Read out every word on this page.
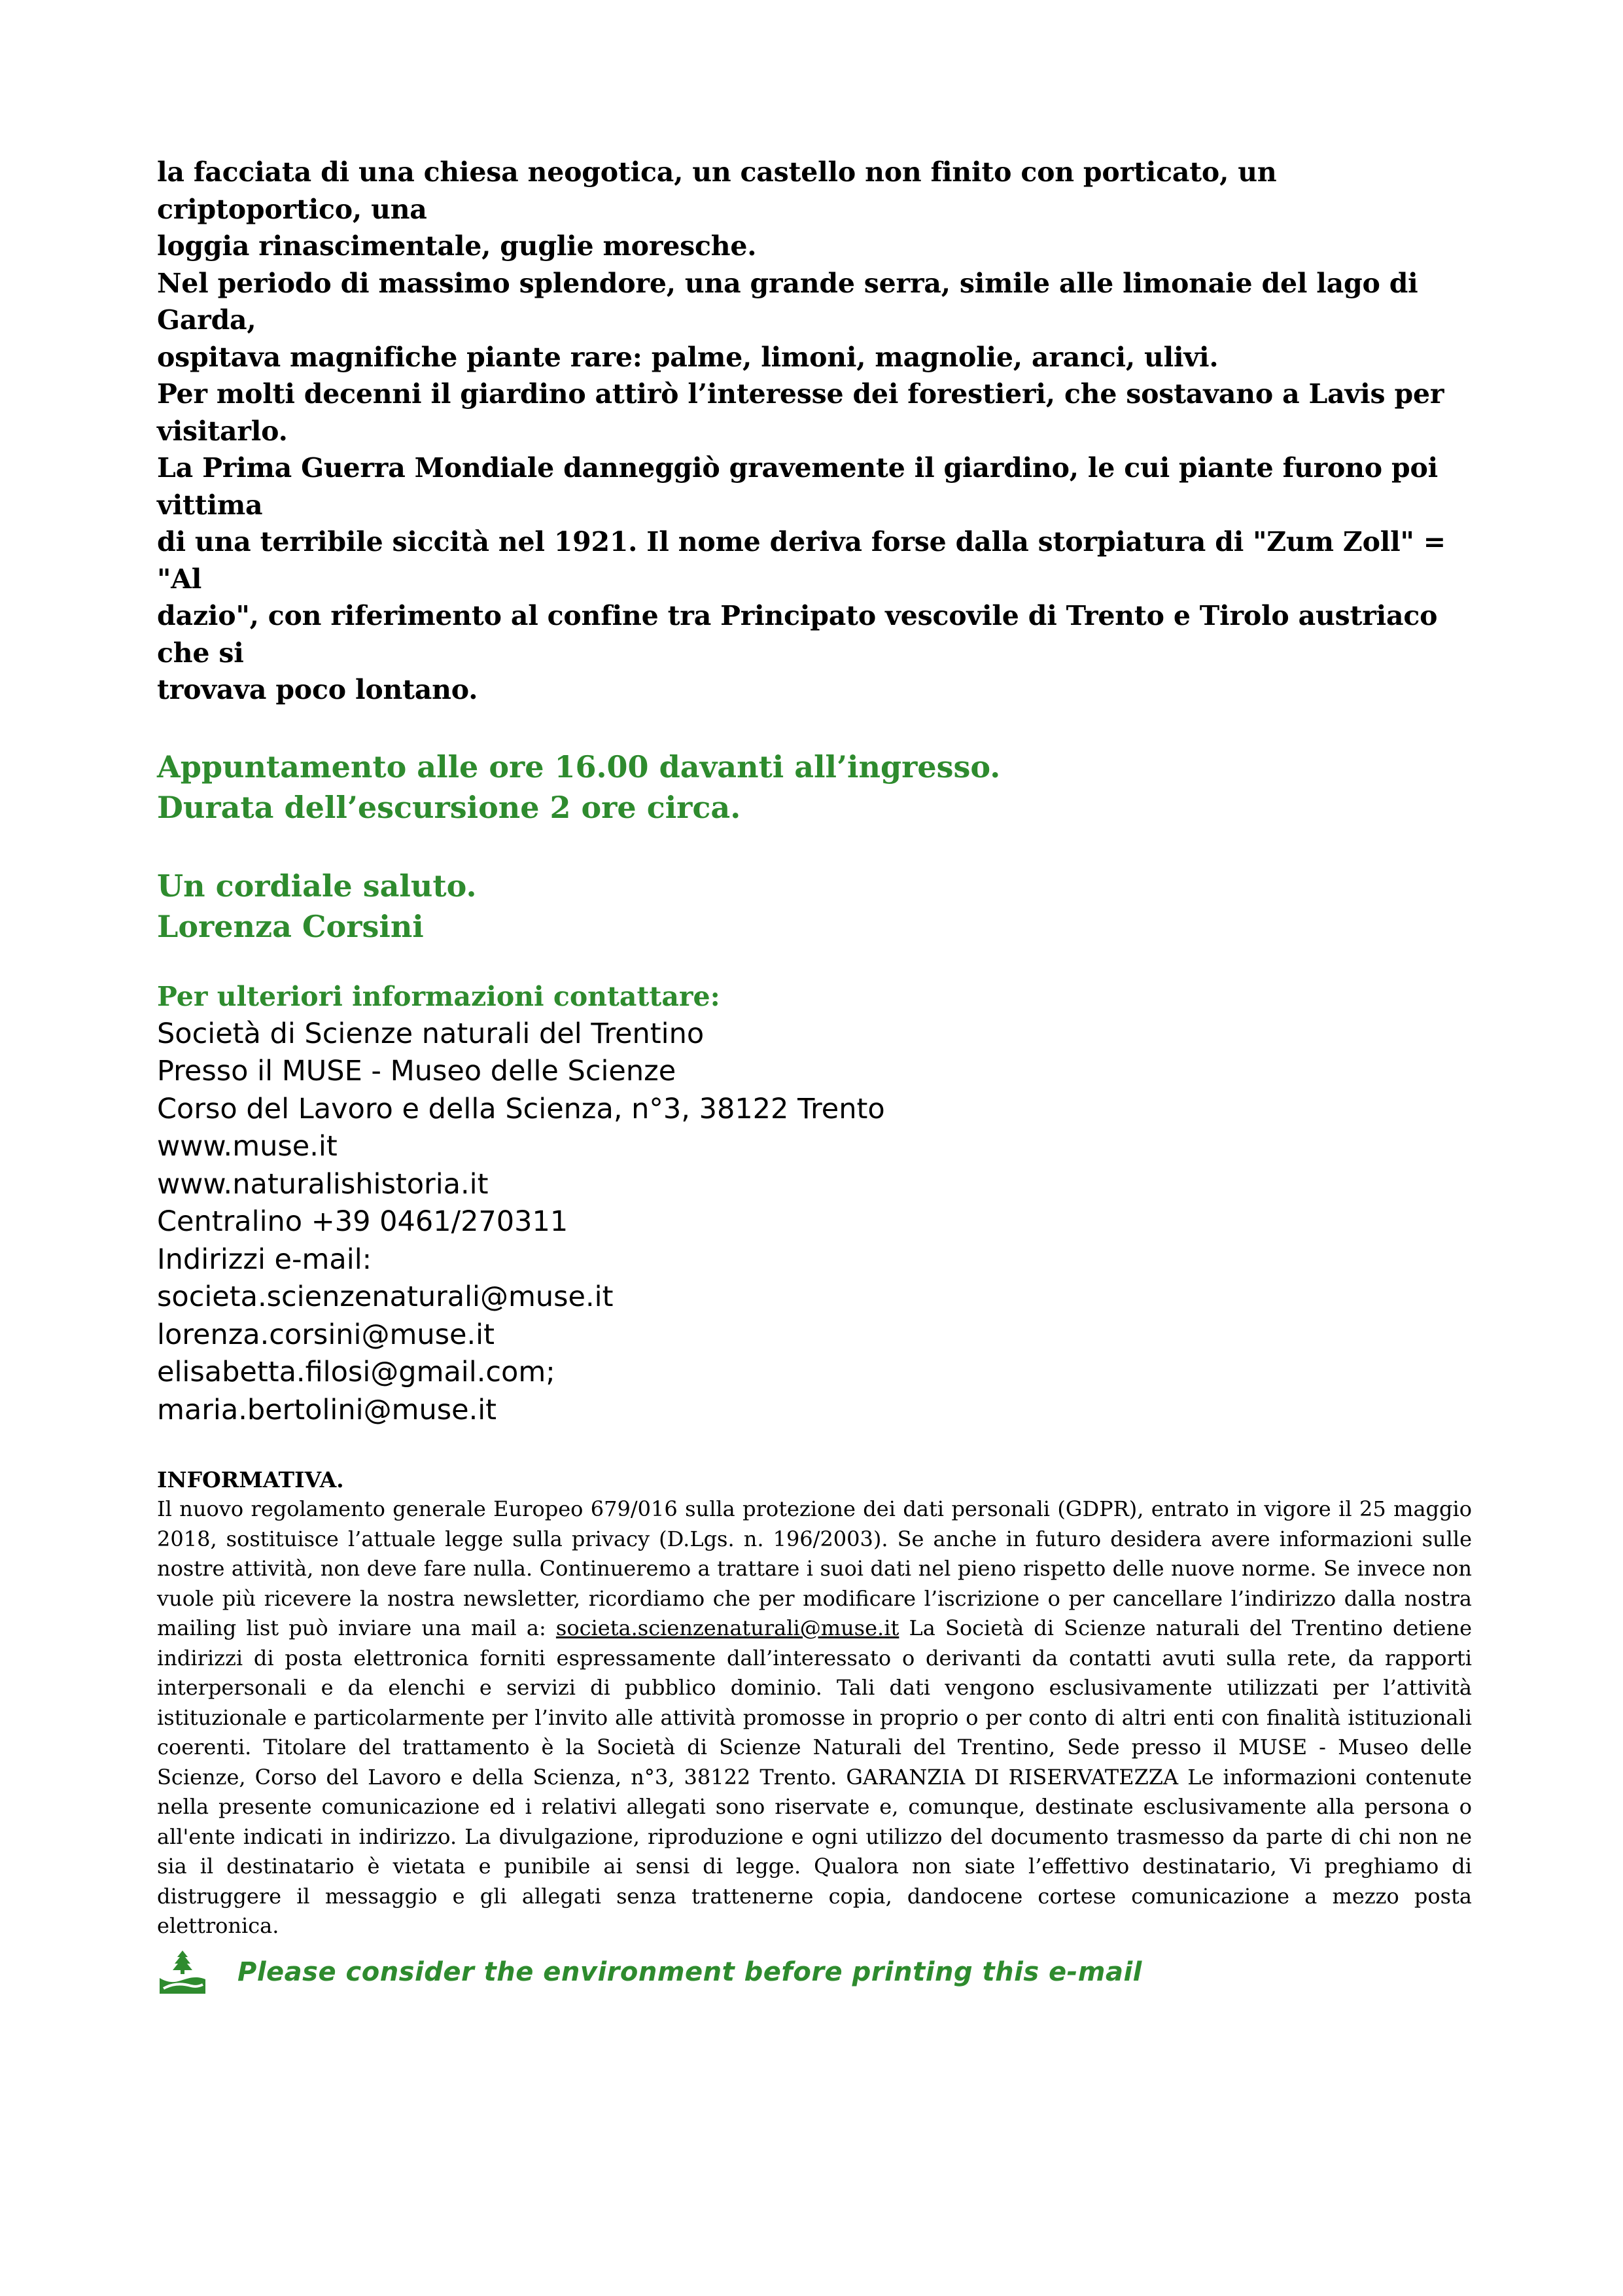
la facciata di una chiesa neogotica, un castello non finito con porticato, un criptoportico, una

loggia rinascimentale, guglie moresche.

Nel periodo di massimo splendore, una grande serra, simile alle limonaie del lago di Garda,

ospitava magnifiche piante rare: palme, limoni, magnolie, aranci, ulivi.

Per molti decenni il giardino attirò l’interesse dei forestieri, che sostavano a Lavis per visitarlo.

La Prima Guerra Mondiale danneggiò gravemente il giardino, le cui piante furono poi vittima

di una terribile siccità nel 1921. Il nome deriva forse dalla storpiatura di "Zum Zoll" = "Al

dazio", con riferimento al confine tra Principato vescovile di Trento e Tirolo austriaco che si

trovava poco lontano.

Appuntamento alle ore 16.00 davanti all’ingresso.

Durata dell’escursione 2 ore circa.

Un cordiale saluto.

Lorenza Corsini

Per ulteriori informazioni contattare:

Società di Scienze naturali del Trentino

Presso il MUSE - Museo delle Scienze

Corso del Lavoro e della Scienza, n°3, 38122 Trento

www.muse.it

www.naturalishistoria.it

Centralino +39 0461/270311

Indirizzi e-mail:

societa.scienzenaturali@muse.it

lorenza.corsini@muse.it

elisabetta.filosi@gmail.com;

maria.bertolini@muse.it

INFORMATIVA.

Il nuovo regolamento generale Europeo 679/016 sulla protezione dei dati personali (GDPR), entrato in vigore il 25 maggio 2018, sostituisce l’attuale legge sulla privacy (D.Lgs. n. 196/2003). Se anche in futuro desidera avere informazioni sulle nostre attività, non deve fare nulla. Continueremo a trattare i suoi dati nel pieno rispetto delle nuove norme. Se invece non vuole più ricevere la nostra newsletter, ricordiamo che per modificare l’iscrizione o per cancellare l’indirizzo dalla nostra mailing list può inviare una mail a: societa.scienzenaturali@muse.it La Società di Scienze naturali del Trentino detiene indirizzi di posta elettronica forniti espressamente dall’interessato o derivanti da contatti avuti sulla rete, da rapporti interpersonali e da elenchi e servizi di pubblico dominio. Tali dati vengono esclusivamente utilizzati per l’attività istituzionale e particolarmente per l’invito alle attività promosse in proprio o per conto di altri enti con finalità istituzionali coerenti. Titolare del trattamento è la Società di Scienze Naturali del Trentino, Sede presso il MUSE - Museo delle Scienze, Corso del Lavoro e della Scienza, n°3, 38122 Trento. GARANZIA DI RISERVATEZZA Le informazioni contenute nella presente comunicazione ed i relativi allegati sono riservate e, comunque, destinate esclusivamente alla persona o all'ente indicati in indirizzo. La divulgazione, riproduzione e ogni utilizzo del documento trasmesso da parte di chi non ne sia il destinatario è vietata e punibile ai sensi di legge. Qualora non siate l’effettivo destinatario, Vi preghiamo di distruggere il messaggio e gli allegati senza trattenerne copia, dandocene cortese comunicazione a mezzo posta elettronica.

Please consider the environment before printing this e-mail
